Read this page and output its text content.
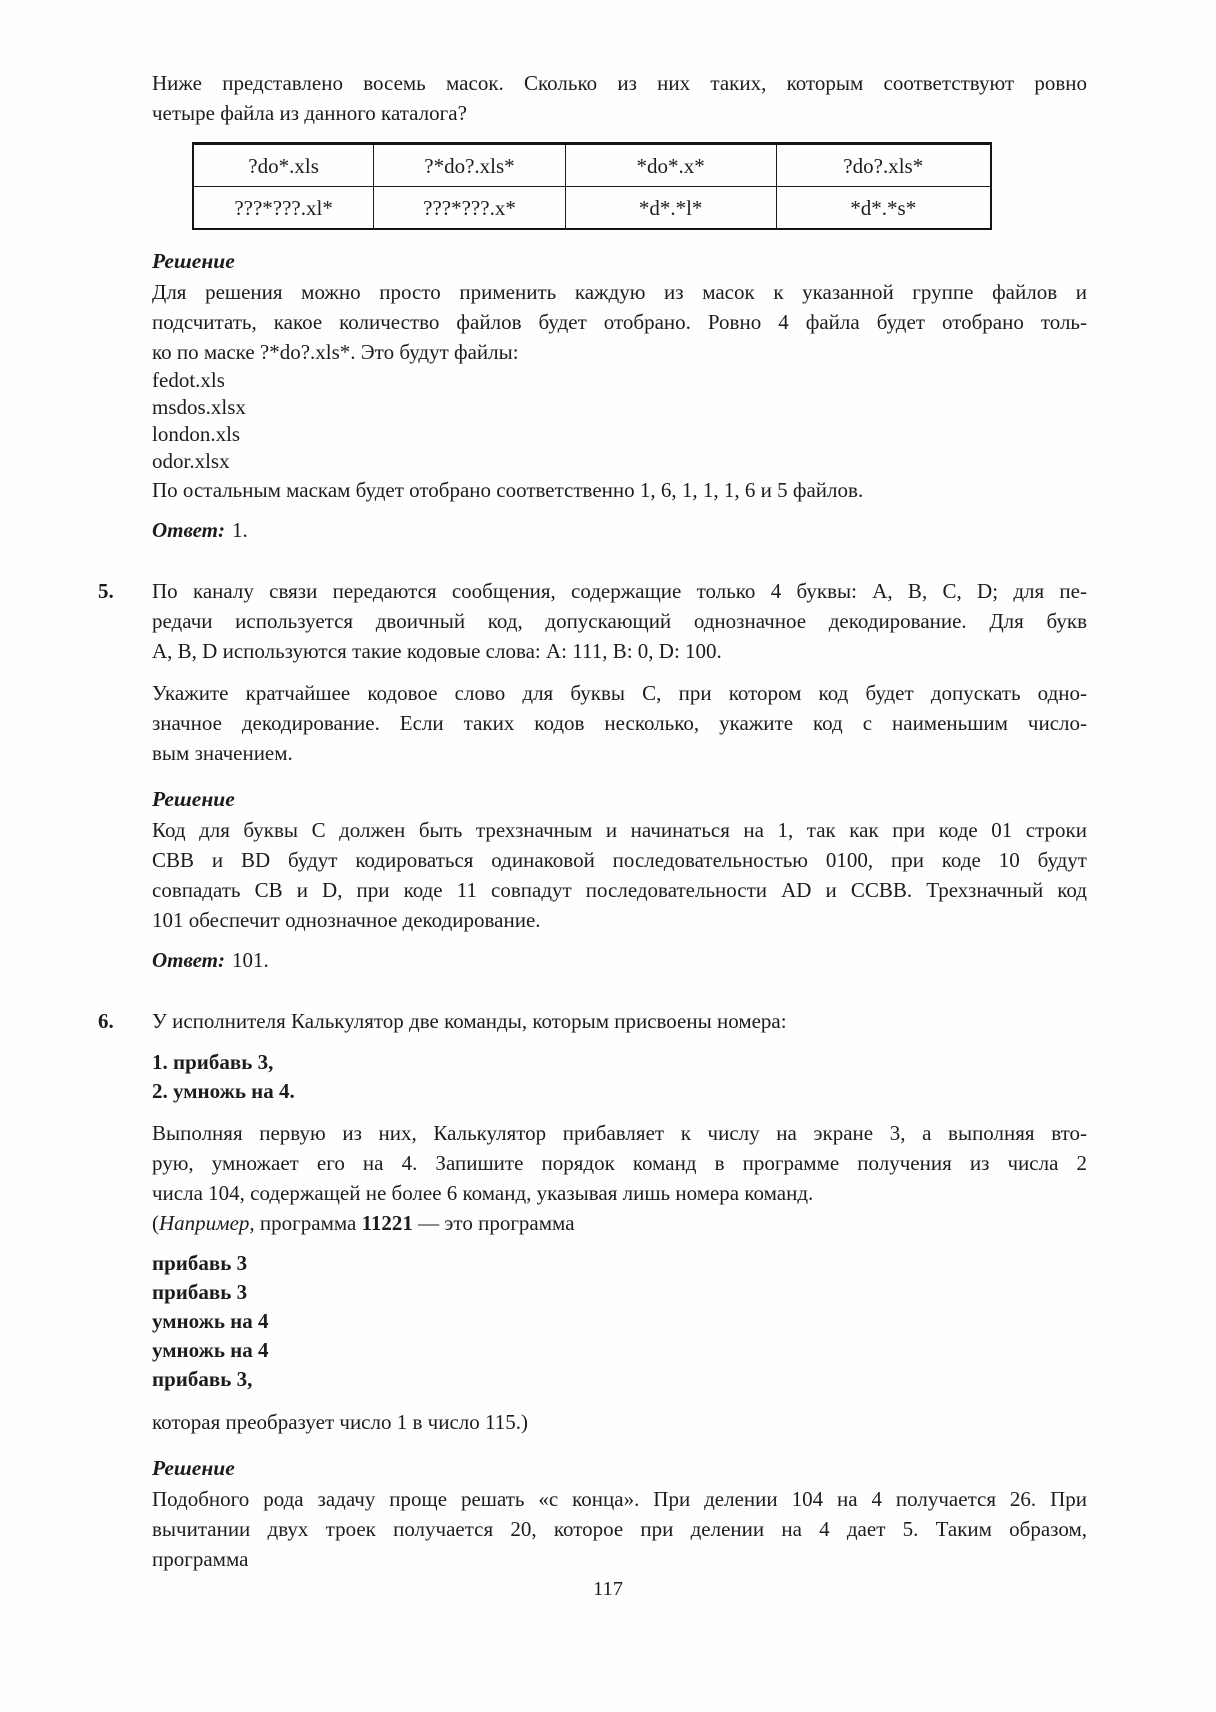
Ниже представлено восемь масок. Сколько из них таких, которым соответствуют ровно
четыре файла из данного каталога?
?do*.xls	?*do?.xls*	*do*.x*	?do?.xls*
???*???.xl*	???*???.x*	*d*.*l*	*d*.*s*

Решение

Для решения можно просто применить каждую из масок к указанной группе файлов и
подсчитать, какое количество файлов будет отобрано. Ровно 4 файла будет отобрано толь-
ко по маске ?*do?.xls*. Это будут файлы:
fedot.xls
msdos.xlsx
london.xls
odor.xlsx
По остальным маскам будет отобрано соответственно 1, 6, 1, 1, 1, 6 и 5 файлов.

Ответ: 1.

5. По каналу связи передаются сообщения, содержащие только 4 буквы: A, B, C, D; для пе-
редачи используется двоичный код, допускающий однозначное декодирование. Для букв
A, B, D используются такие кодовые слова: A: 111, B: 0, D: 100.
Укажите кратчайшее кодовое слово для буквы C, при котором код будет допускать одно-
значное декодирование. Если таких кодов несколько, укажите код с наименьшим число-
вым значением.

Решение

Код для буквы C должен быть трехзначным и начинаться на 1, так как при коде 01 строки
CBB и BD будут кодироваться одинаковой последовательностью 0100, при коде 10 будут
совпадать CB и D, при коде 11 совпадут последовательности AD и CCBB. Трехзначный код
101 обеспечит однозначное декодирование.

Ответ: 101.

6. У исполнителя Калькулятор две команды, которым присвоены номера:
1. прибавь 3,
2. умножь на 4.
Выполняя первую из них, Калькулятор прибавляет к числу на экране 3, а выполняя вто-
рую, умножает его на 4. Запишите порядок команд в программе получения из числа 2
числа 104, содержащей не более 6 команд, указывая лишь номера команд.
(Например, программа 11221 — это программа
прибавь 3
прибавь 3
умножь на 4
умножь на 4
прибавь 3,
которая преобразует число 1 в число 115.)

Решение

Подобного рода задачу проще решать «с конца». При делении 104 на 4 получается 26. При
вычитании двух троек получается 20, которое при делении на 4 дает 5. Таким образом,
программа
117
